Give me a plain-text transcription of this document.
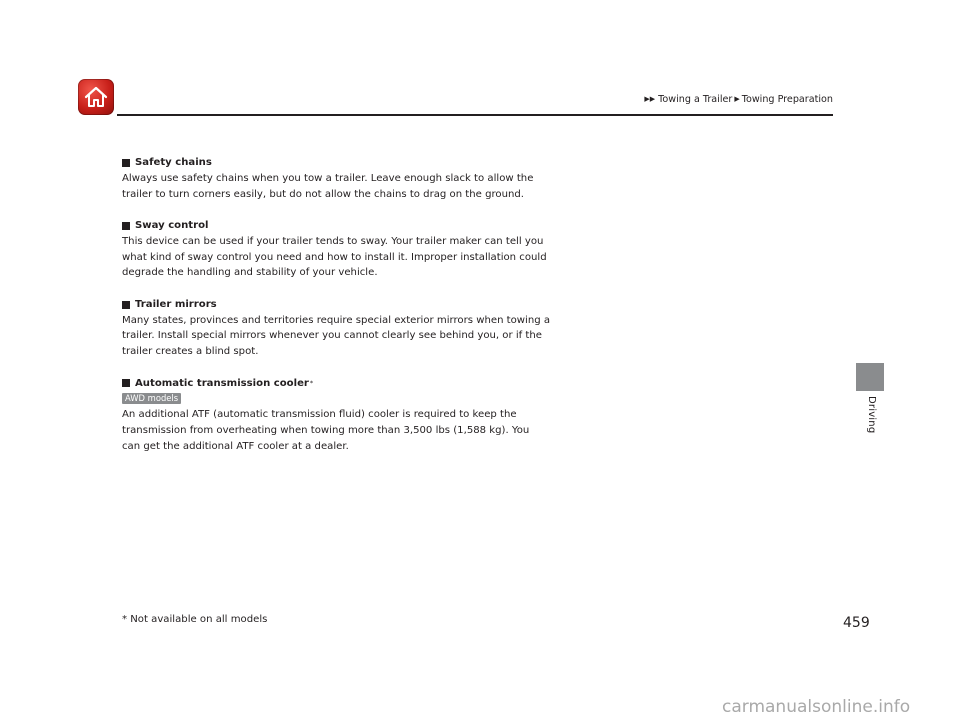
▶▶ Towing a Trailer ▶ Towing Preparation
Safety chains

Always use safety chains when you tow a trailer. Leave enough slack to allow the

trailer to turn corners easily, but do not allow the chains to drag on the ground.

Sway control

This device can be used if your trailer tends to sway. Your trailer maker can tell you

what kind of sway control you need and how to install it. Improper installation could

degrade the handling and stability of your vehicle.

Trailer mirrors

Many states, provinces and territories require special exterior mirrors when towing a

trailer. Install special mirrors whenever you cannot clearly see behind you, or if the

trailer creates a blind spot.

Automatic transmission cooler *
AWD models

An additional ATF (automatic transmission fluid) cooler is required to keep the

transmission from overheating when towing more than 3,500 lbs (1,588 kg). You

can get the additional ATF cooler at a dealer.

Driving
* Not available on all models	459
carmanualsonline.info
